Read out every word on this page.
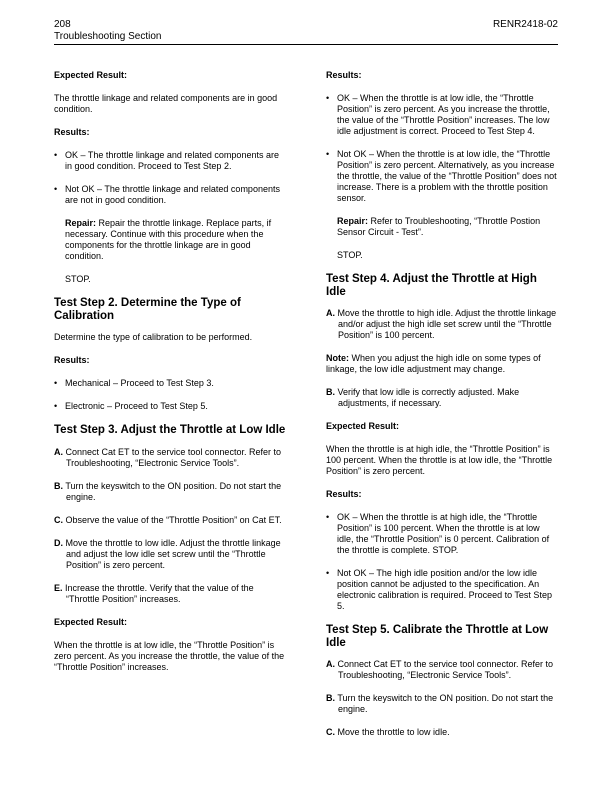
208
Troubleshooting Section
RENR2418-02

Expected Result:

The throttle linkage and related components are in good condition.

Results:

• OK – The throttle linkage and related components are in good condition. Proceed to Test Step 2.

• Not OK – The throttle linkage and related components are not in good condition.

Repair: Repair the throttle linkage. Replace parts, if necessary. Continue with this procedure when the components for the throttle linkage are in good condition.

STOP.

Test Step 2. Determine the Type of Calibration

Determine the type of calibration to be performed.

Results:

• Mechanical – Proceed to Test Step 3.

• Electronic – Proceed to Test Step 5.

Test Step 3. Adjust the Throttle at Low Idle

A. Connect Cat ET to the service tool connector. Refer to Troubleshooting, “Electronic Service Tools”.

B. Turn the keyswitch to the ON position. Do not start the engine.

C. Observe the value of the “Throttle Position” on Cat ET.

D. Move the throttle to low idle. Adjust the throttle linkage and adjust the low idle set screw until the “Throttle Position” is zero percent.

E. Increase the throttle. Verify that the value of the “Throttle Position” increases.

Expected Result:

When the throttle is at low idle, the “Throttle Position” is zero percent. As you increase the throttle, the value of the “Throttle Position” increases.

Results:

• OK – When the throttle is at low idle, the “Throttle Position” is zero percent. As you increase the throttle, the value of the “Throttle Position” increases. The low idle adjustment is correct. Proceed to Test Step 4.

• Not OK – When the throttle is at low idle, the “Throttle Position” is zero percent. Alternatively, as you increase the throttle, the value of the “Throttle Position” does not increase. There is a problem with the throttle position sensor.

Repair: Refer to Troubleshooting, “Throttle Postion Sensor Circuit - Test”.

STOP.

Test Step 4. Adjust the Throttle at High Idle

A. Move the throttle to high idle. Adjust the throttle linkage and/or adjust the high idle set screw until the “Throttle Position” is 100 percent.

Note: When you adjust the high idle on some types of linkage, the low idle adjustment may change.

B. Verify that low idle is correctly adjusted. Make adjustments, if necessary.

Expected Result:

When the throttle is at high idle, the “Throttle Position” is 100 percent. When the throttle is at low idle, the “Throttle Position” is zero percent.

Results:

• OK – When the throttle is at high idle, the “Throttle Position” is 100 percent. When the throttle is at low idle, the “Throttle Position” is 0 percent. Calibration of the throttle is complete. STOP.

• Not OK – The high idle position and/or the low idle position cannot be adjusted to the specification. An electronic calibration is required. Proceed to Test Step 5.

Test Step 5. Calibrate the Throttle at Low Idle

A. Connect Cat ET to the service tool connector. Refer to Troubleshooting, “Electronic Service Tools”.

B. Turn the keyswitch to the ON position. Do not start the engine.

C. Move the throttle to low idle.
